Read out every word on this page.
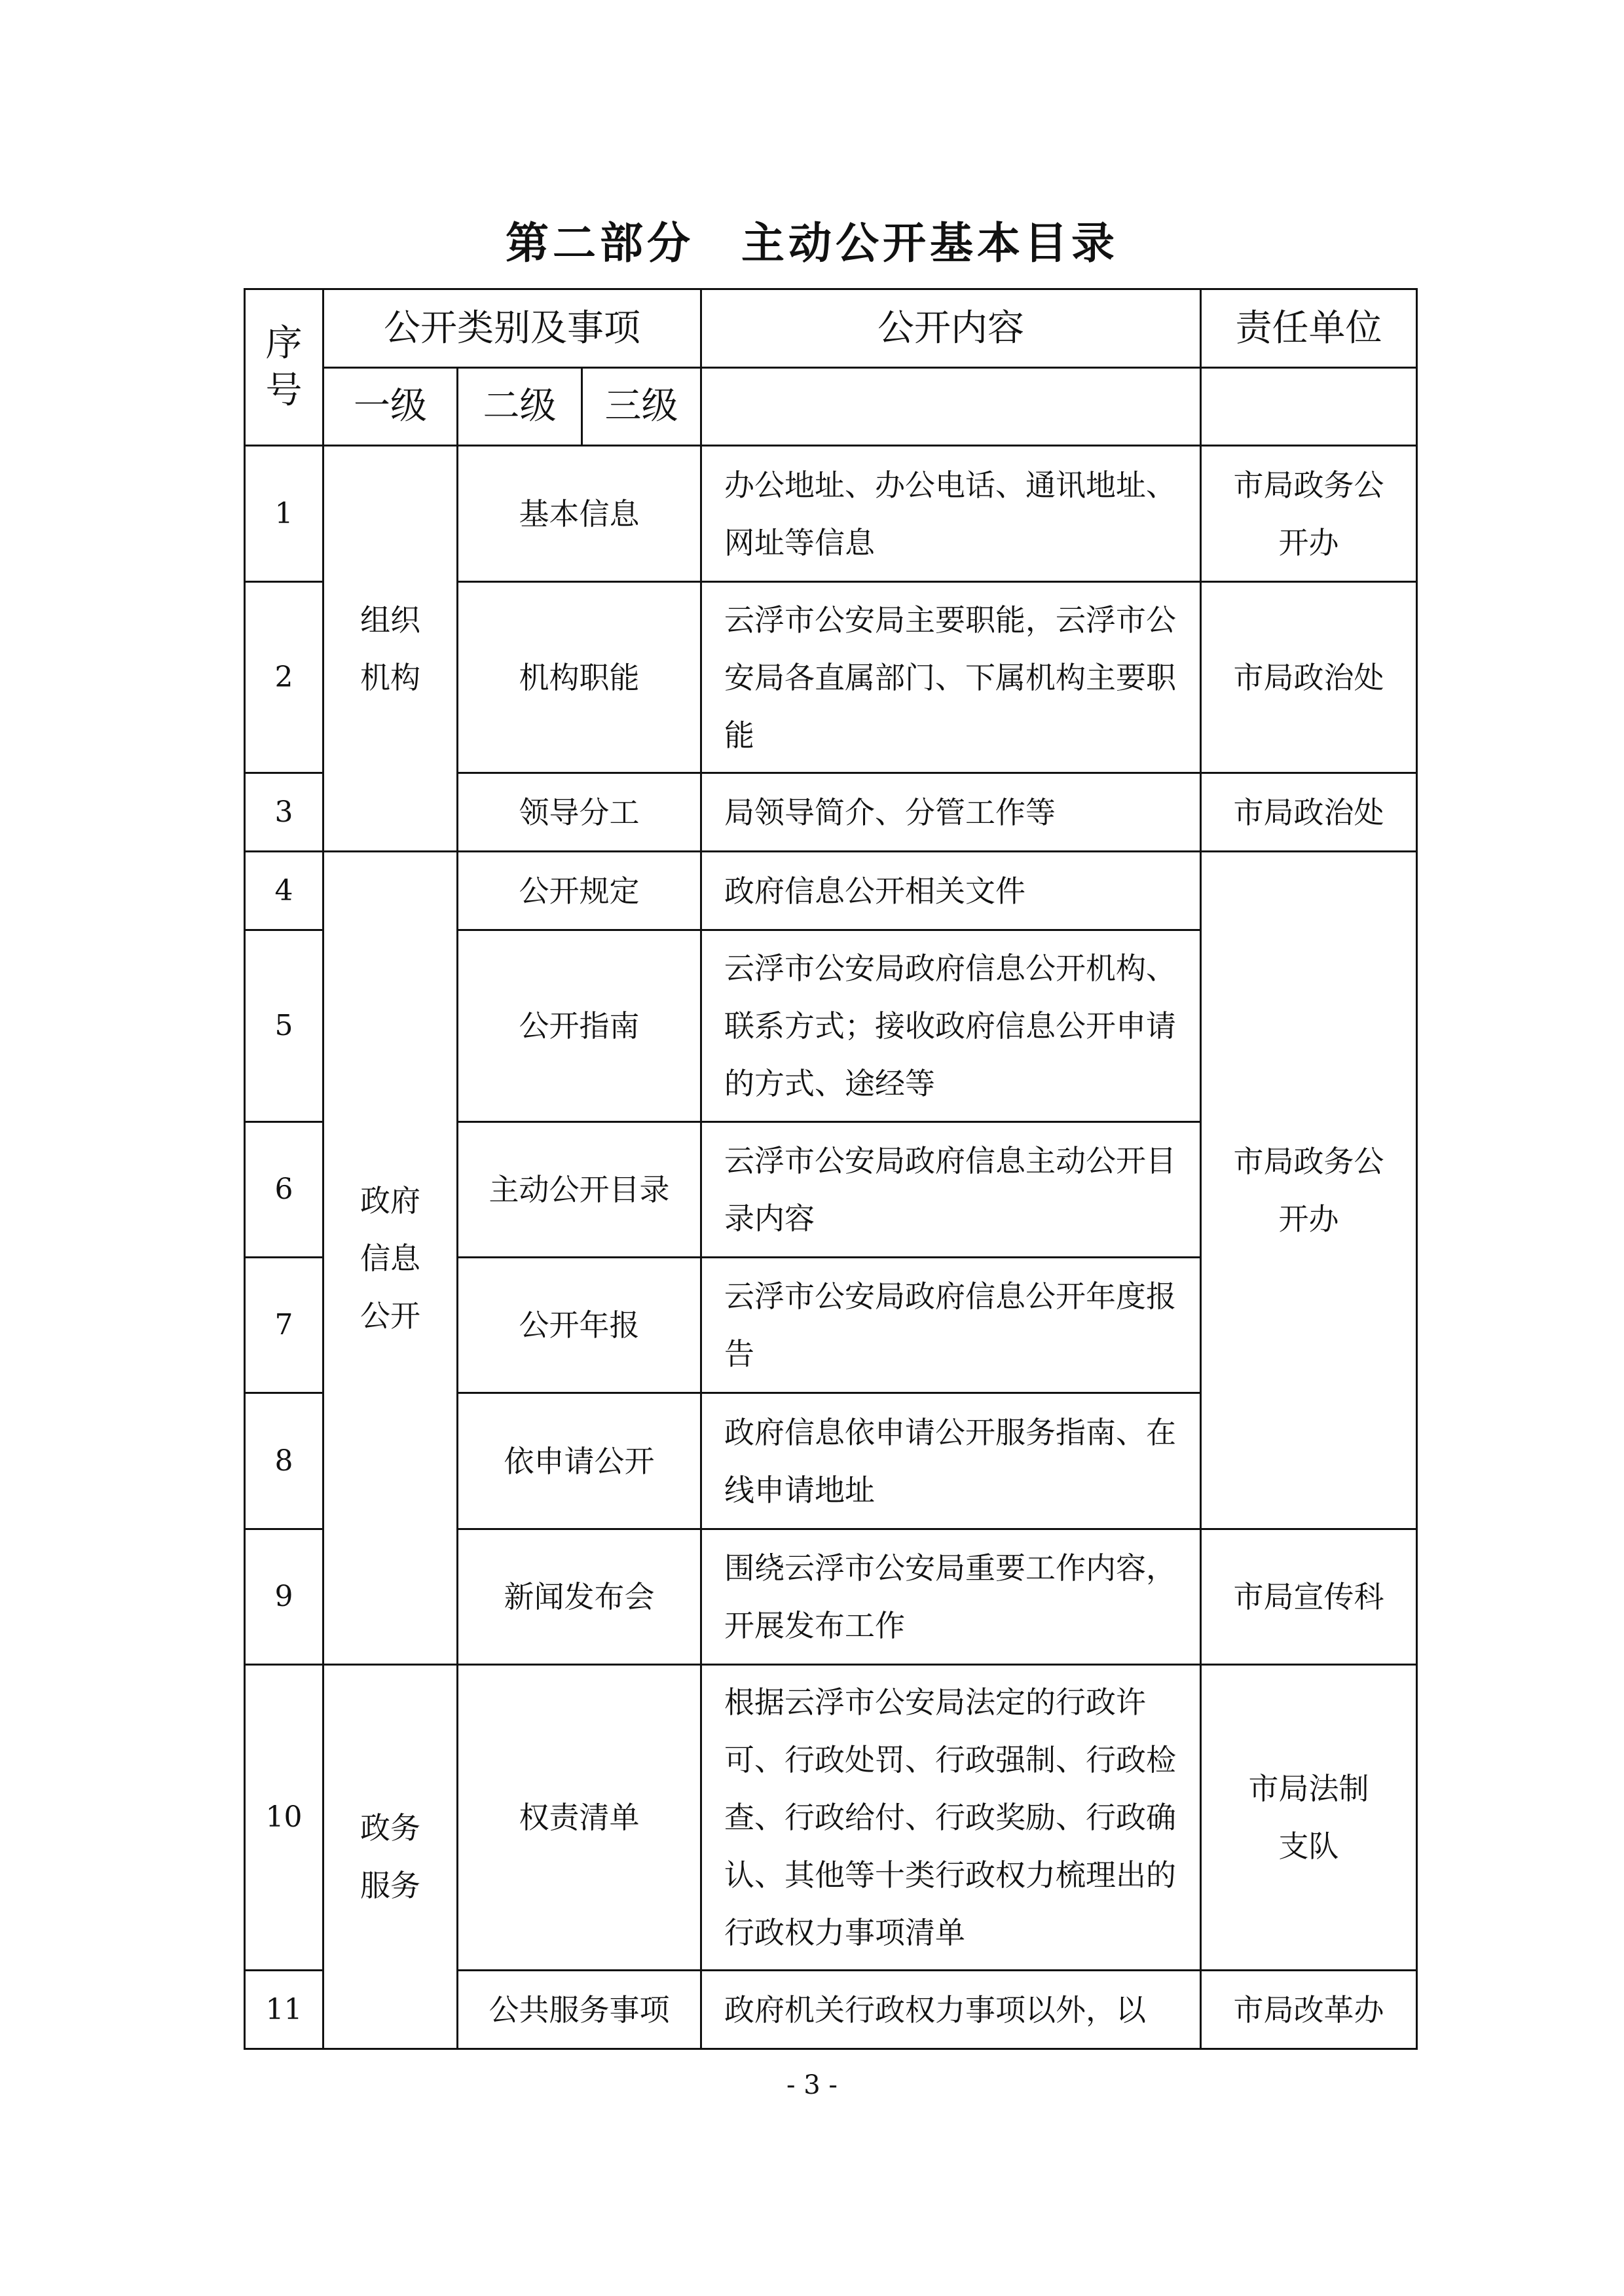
第二部分　主动公开基本目录
序号	公开类别及事项			公开内容	责任单位
	一级	二级	三级		
1	组织机构	基本信息		办公地址、办公电话、通讯地址、网址等信息	市局政务公开办

2		机构职能		云浮市公安局主要职能，云浮市公安局各直属部门、下属机构主要职能	市局政治处
3		领导分工		局领导简介、分管工作等	市局政治处
4	政府信息公开	公开规定		政府信息公开相关文件	市局政务公开办

5		公开指南		云浮市公安局政府信息公开机构、联系方式；接收政府信息公开申请的方式、途经等	
6		主动公开目录		云浮市公安局政府信息主动公开目录内容	
7		公开年报		云浮市公安局政府信息公开年度报告	
8		依申请公开		政府信息依申请公开服务指南、在线申请地址	
9		新闻发布会		围绕云浮市公安局重要工作内容，开展发布工作	市局宣传科
10	政务服务	权责清单		根据云浮市公安局法定的行政许可、行政处罚、行政强制、行政检查、行政给付、行政奖励、行政确认、其他等十类行政权力梳理出的行政权力事项清单	市局法制支队

11		公共服务事项		政府机关行政权力事项以外，以	市局改革办
- 3 -
